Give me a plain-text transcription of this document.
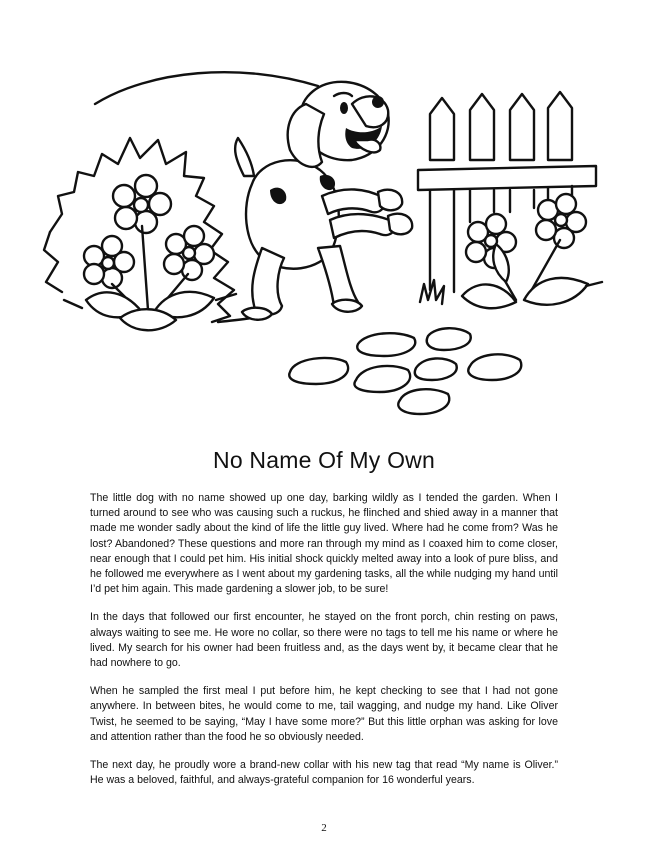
No Name Of My Own

The little dog with no name showed up one day, barking wildly as I tended the garden. When I turned around to see who was causing such a ruckus, he flinched and shied away in a manner that made me wonder sadly about the kind of life the little guy lived. Where had he come from? Was he lost? Abandoned? These questions and more ran through my mind as I coaxed him to come closer, near enough that I could pet him. His initial shock quickly melted away into a look of pure bliss, and he followed me everywhere as I went about my gardening tasks, all the while nudging my hand until I’d pet him again. This made gardening a slower job, to be sure!

In the days that followed our first encounter, he stayed on the front porch, chin resting on paws, always waiting to see me. He wore no collar, so there were no tags to tell me his name or where he lived. My search for his owner had been fruitless and, as the days went by, it became clear that he had nowhere to go.

When he sampled the first meal I put before him, he kept checking to see that I had not gone anywhere. In between bites, he would come to me, tail wagging, and nudge my hand. Like Oliver Twist, he seemed to be saying, “May I have some more?” But this little orphan was asking for love and attention rather than the food he so obviously needed.

The next day, he proudly wore a brand-new collar with his new tag that read “My name is Oliver.” He was a beloved, faithful, and always-grateful companion for 16 wonderful years.

2
